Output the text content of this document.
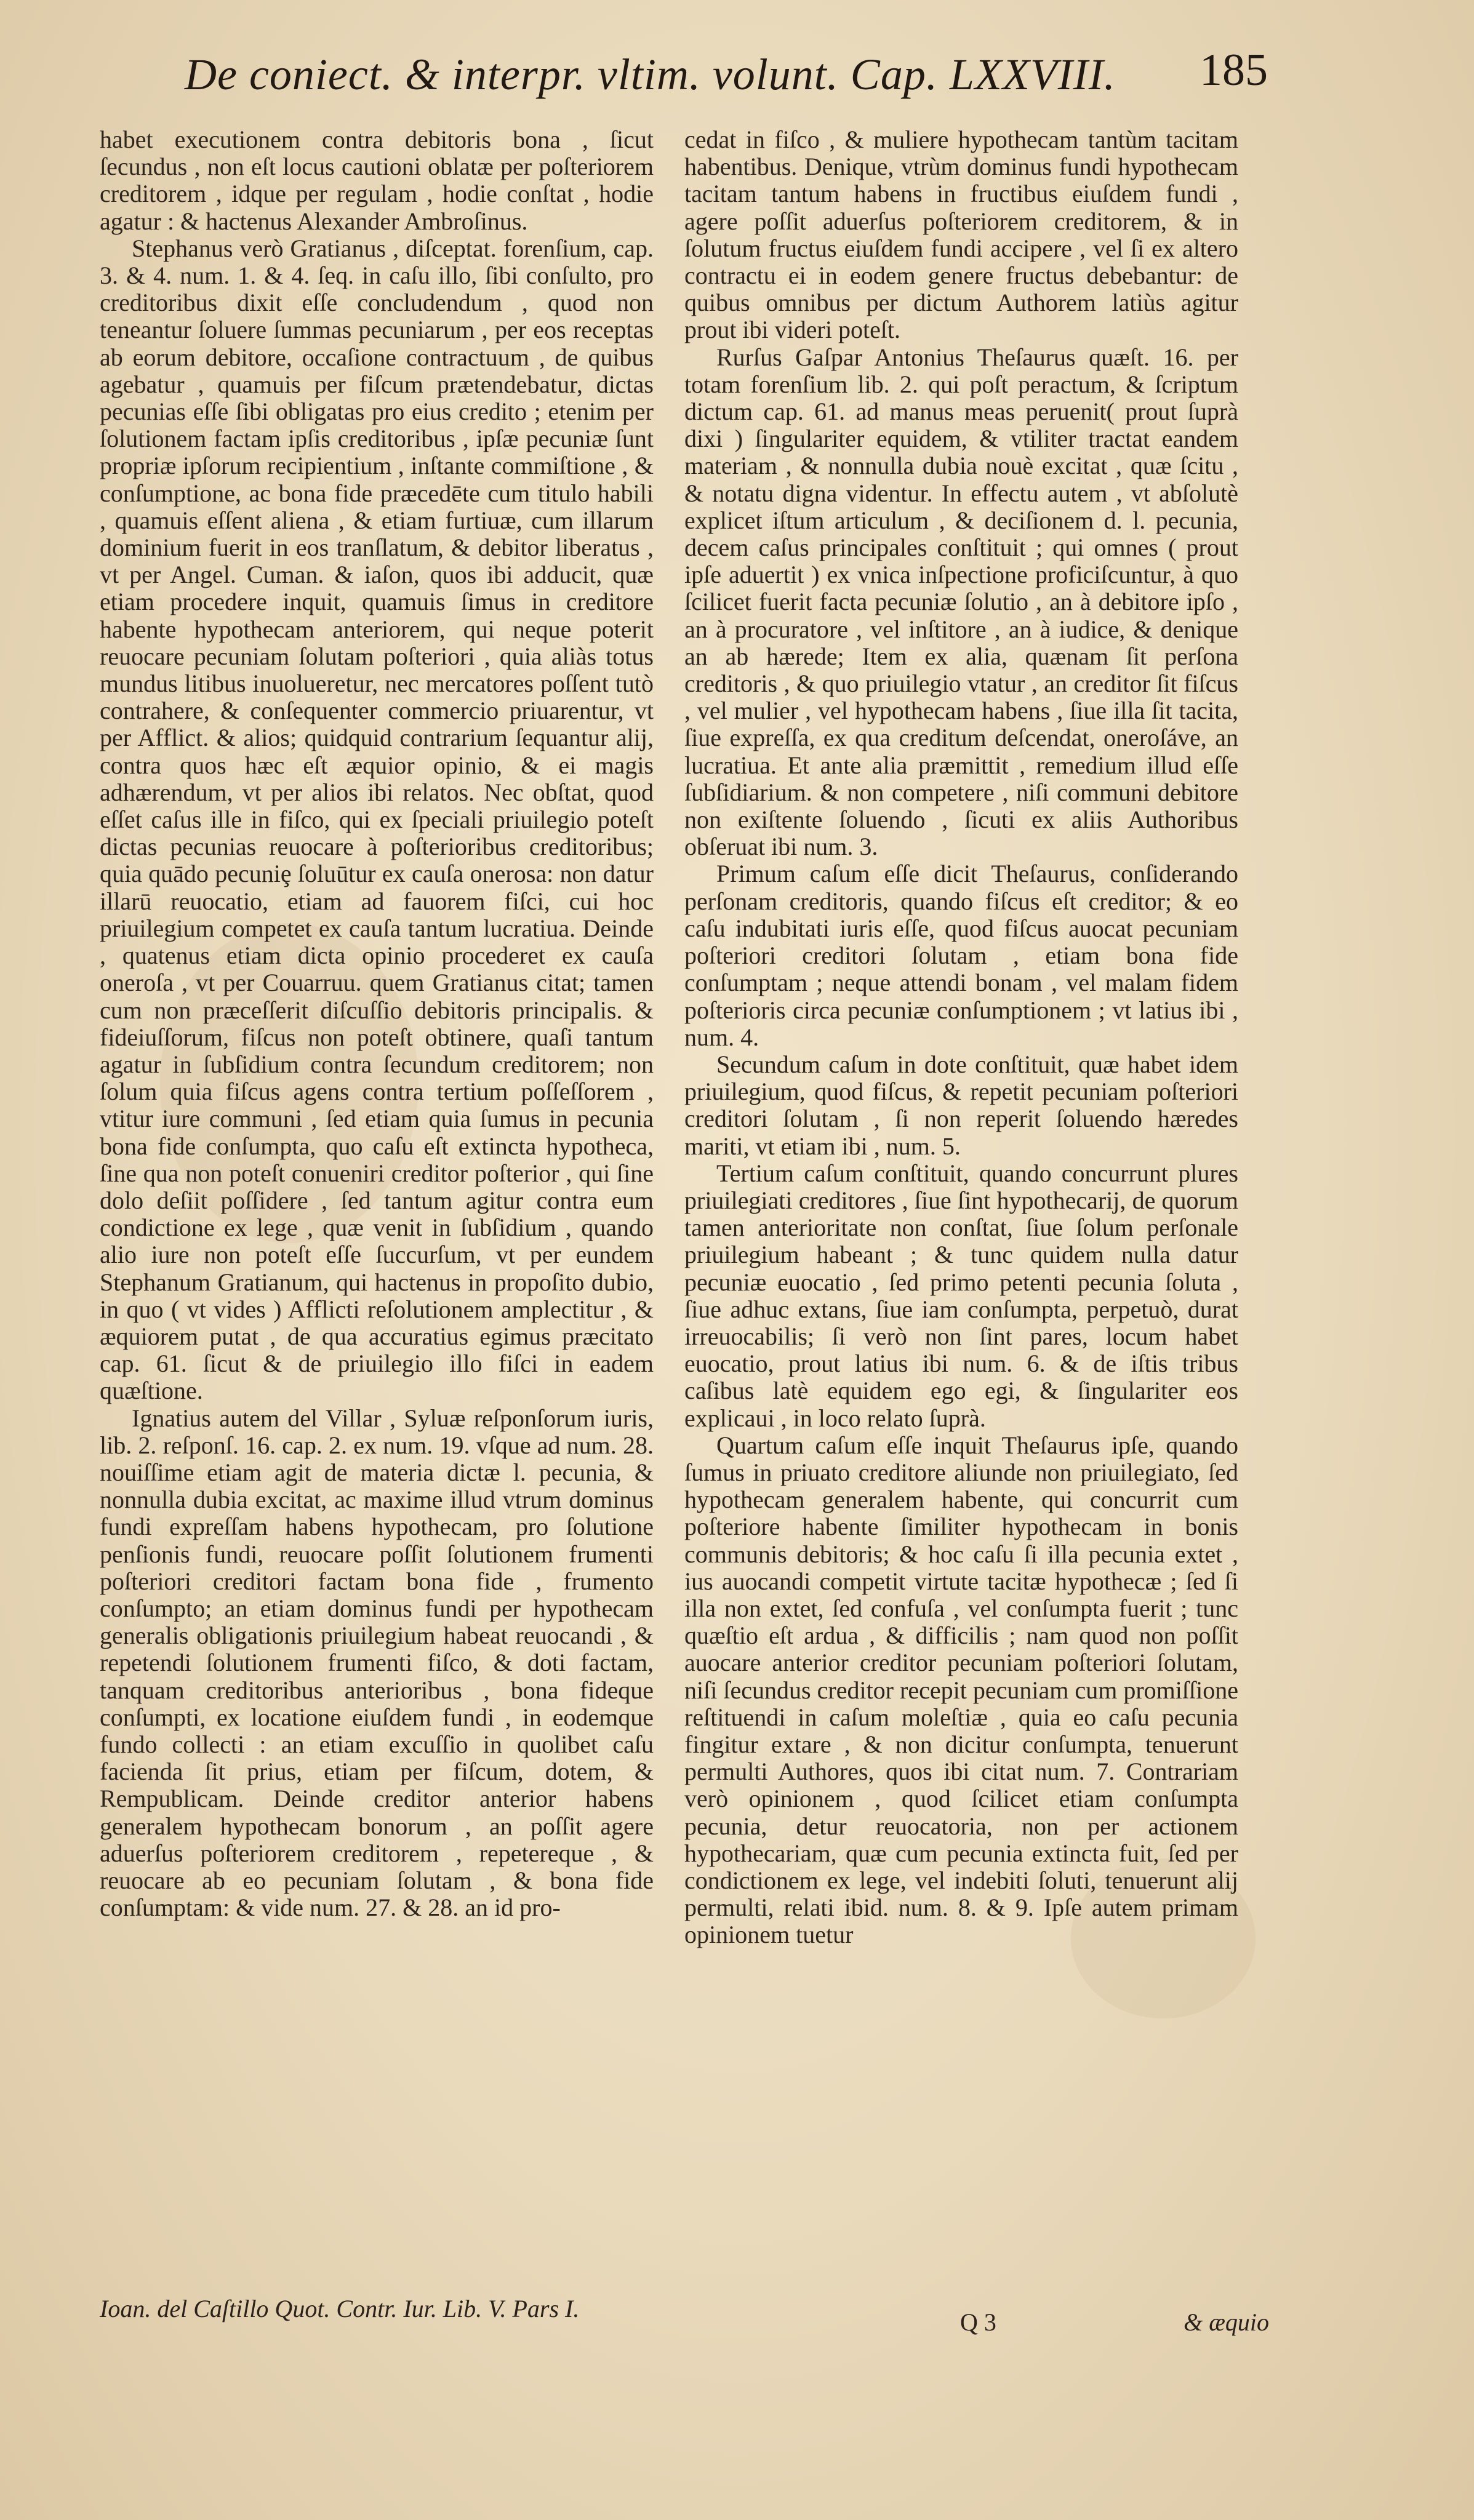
De coniect. & interpr. vltim. volunt. Cap. LXXVIII. 185

habet executionem contra debitoris bona , ſicut ſecundus , non eſt locus cautioni oblatæ per poſteriorem creditorem , idque per regulam , hodie conſtat , hodie agatur : & hactenus Alexander Ambroſinus.

Stephanus verò Gratianus , diſceptat. forenſium, cap. 3. & 4. num. 1. & 4. ſeq. in caſu illo, ſibi conſulto, pro creditoribus dixit eſſe concludendum , quod non teneantur ſoluere ſummas pecuniarum , per eos receptas ab eorum debitore, occaſione contractuum , de quibus agebatur , quamuis per fiſcum prætendebatur, dictas pecunias eſſe ſibi obligatas pro eius credito ; etenim per ſolutionem factam ipſis creditoribus , ipſæ pecuniæ ſunt propriæ ipſorum recipientium , inſtante commiſtione , & conſumptione, ac bona fide præcedēte cum titulo habili , quamuis eſſent aliena , & etiam furtiuæ, cum illarum dominium fuerit in eos tranſlatum, & debitor liberatus , vt per Angel. Cuman. & iaſon, quos ibi adducit, quæ etiam procedere inquit, quamuis ſimus in creditore habente hypothecam anteriorem, qui neque poterit reuocare pecuniam ſolutam poſteriori , quia aliàs totus mundus litibus inuolueretur, nec mercatores poſſent tutò contrahere, & conſequenter commercio priuarentur, vt per Afflict. & alios; quidquid contrarium ſequantur alij, contra quos hæc eſt æquior opinio, & ei magis adhærendum, vt per alios ibi relatos. Nec obſtat, quod eſſet caſus ille in fiſco, qui ex ſpeciali priuilegio poteſt dictas pecunias reuocare à poſterioribus creditoribus; quia quādo pecuniȩ ſoluūtur ex cauſa onerosa: non datur illarū reuocatio, etiam ad fauorem fiſci, cui hoc priuilegium competet ex cauſa tantum lucratiua. Deinde , quatenus etiam dicta opinio procederet ex cauſa oneroſa , vt per Couarruu. quem Gratianus citat; tamen cum non præceſſerit diſcuſſio debitoris principalis. & fideiuſſorum, fiſcus non poteſt obtinere, quaſi tantum agatur in ſubſidium contra ſecundum creditorem; non ſolum quia fiſcus agens contra tertium poſſeſſorem , vtitur iure communi , ſed etiam quia ſumus in pecunia bona fide conſumpta, quo caſu eſt extincta hypotheca, ſine qua non poteſt conueniri creditor poſterior , qui ſine dolo deſiit poſſidere , ſed tantum agitur contra eum condictione ex lege , quæ venit in ſubſidium , quando alio iure non poteſt eſſe ſuccurſum, vt per eundem Stephanum Gratianum, qui hactenus in propoſito dubio, in quo ( vt vides ) Afflicti reſolutionem amplectitur , & æquiorem putat , de qua accuratius egimus præcitato cap. 61. ſicut & de priuilegio illo fiſci in eadem quæſtione.

Ignatius autem del Villar , Syluæ reſponſorum iuris, lib. 2. reſponſ. 16. cap. 2. ex num. 19. vſque ad num. 28. nouiſſime etiam agit de materia dictæ l. pecunia, & nonnulla dubia excitat, ac maxime illud vtrum dominus fundi expreſſam habens hypothecam, pro ſolutione penſionis fundi, reuocare poſſit ſolutionem frumenti poſteriori creditori factam bona fide , frumento conſumpto; an etiam dominus fundi per hypothecam generalis obligationis priuilegium habeat reuocandi , & repetendi ſolutionem frumenti fiſco, & doti factam, tanquam creditoribus anterioribus , bona fideque conſumpti, ex locatione eiuſdem fundi , in eodemque fundo collecti : an etiam excuſſio in quolibet caſu facienda ſit prius, etiam per fiſcum, dotem, & Rempublicam. Deinde creditor anterior habens generalem hypothecam bonorum , an poſſit agere aduerſus poſteriorem creditorem , repetereque , & reuocare ab eo pecuniam ſolutam , & bona fide conſumptam: & vide num. 27. & 28. an id pro-

cedat in fiſco , & muliere hypothecam tantùm tacitam habentibus. Denique, vtrùm dominus fundi hypothecam tacitam tantum habens in fructibus eiuſdem fundi , agere poſſit aduerſus poſteriorem creditorem, & in ſolutum fructus eiuſdem fundi accipere , vel ſi ex altero contractu ei in eodem genere fructus debebantur: de quibus omnibus per dictum Authorem latiùs agitur prout ibi videri poteſt.

Rurſus Gaſpar Antonius Theſaurus quæſt. 16. per totam forenſium lib. 2. qui poſt peractum, & ſcriptum dictum cap. 61. ad manus meas peruenit( prout ſuprà dixi ) ſingulariter equidem, & vtiliter tractat eandem materiam , & nonnulla dubia nouè excitat , quæ ſcitu , & notatu digna videntur. In effectu autem , vt abſolutè explicet iſtum articulum , & deciſionem d. l. pecunia, decem caſus principales conſtituit ; qui omnes ( prout ipſe aduertit ) ex vnica inſpectione proficiſcuntur, à quo ſcilicet fuerit facta pecuniæ ſolutio , an à debitore ipſo , an à procuratore , vel inſtitore , an à iudice, & denique an ab hærede; Item ex alia, quænam ſit perſona creditoris , & quo priuilegio vtatur , an creditor ſit fiſcus , vel mulier , vel hypothecam habens , ſiue illa ſit tacita, ſiue expreſſa, ex qua creditum deſcendat, oneroſáve, an lucratiua. Et ante alia præmittit , remedium illud eſſe ſubſidiarium. & non competere , niſi communi debitore non exiſtente ſoluendo , ſicuti ex aliis Authoribus obſeruat ibi num. 3.

Primum caſum eſſe dicit Theſaurus, conſiderando perſonam creditoris, quando fiſcus eſt creditor; & eo caſu indubitati iuris eſſe, quod fiſcus auocat pecuniam poſteriori creditori ſolutam , etiam bona fide conſumptam ; neque attendi bonam , vel malam fidem poſterioris circa pecuniæ conſumptionem ; vt latius ibi , num. 4.

Secundum caſum in dote conſtituit, quæ habet idem priuilegium, quod fiſcus, & repetit pecuniam poſteriori creditori ſolutam , ſi non reperit ſoluendo hæredes mariti, vt etiam ibi , num. 5.

Tertium caſum conſtituit, quando concurrunt plures priuilegiati creditores , ſiue ſint hypothecarij, de quorum tamen anterioritate non conſtat, ſiue ſolum perſonale priuilegium habeant ; & tunc quidem nulla datur pecuniæ euocatio , ſed primo petenti pecunia ſoluta , ſiue adhuc extans, ſiue iam conſumpta, perpetuò, durat irreuocabilis; ſi verò non ſint pares, locum habet euocatio, prout latius ibi num. 6. & de iſtis tribus caſibus latè equidem ego egi, & ſingulariter eos explicaui , in loco relato ſuprà.

Quartum caſum eſſe inquit Theſaurus ipſe, quando ſumus in priuato creditore aliunde non priuilegiato, ſed hypothecam generalem habente, qui concurrit cum poſteriore habente ſimiliter hypothecam in bonis communis debitoris; & hoc caſu ſi illa pecunia extet , ius auocandi competit virtute tacitæ hypothecæ ; ſed ſi illa non extet, ſed confuſa , vel conſumpta fuerit ; tunc quæſtio eſt ardua , & difficilis ; nam quod non poſſit auocare anterior creditor pecuniam poſteriori ſolutam, niſi ſecundus creditor recepit pecuniam cum promiſſione reſtituendi in caſum moleſtiæ , quia eo caſu pecunia fingitur extare , & non dicitur conſumpta, tenuerunt permulti Authores, quos ibi citat num. 7. Contrariam verò opinionem , quod ſcilicet etiam conſumpta pecunia, detur reuocatoria, non per actionem hypothecariam, quæ cum pecunia extincta fuit, ſed per condictionem ex lege, vel indebiti ſoluti, tenuerunt alij permulti, relati ibid. num. 8. & 9. Ipſe autem primam opinionem tuetur

Ioan. del Caſtillo Quot. Contr. Iur. Lib. V. Pars I.	Q 3	& æquio
